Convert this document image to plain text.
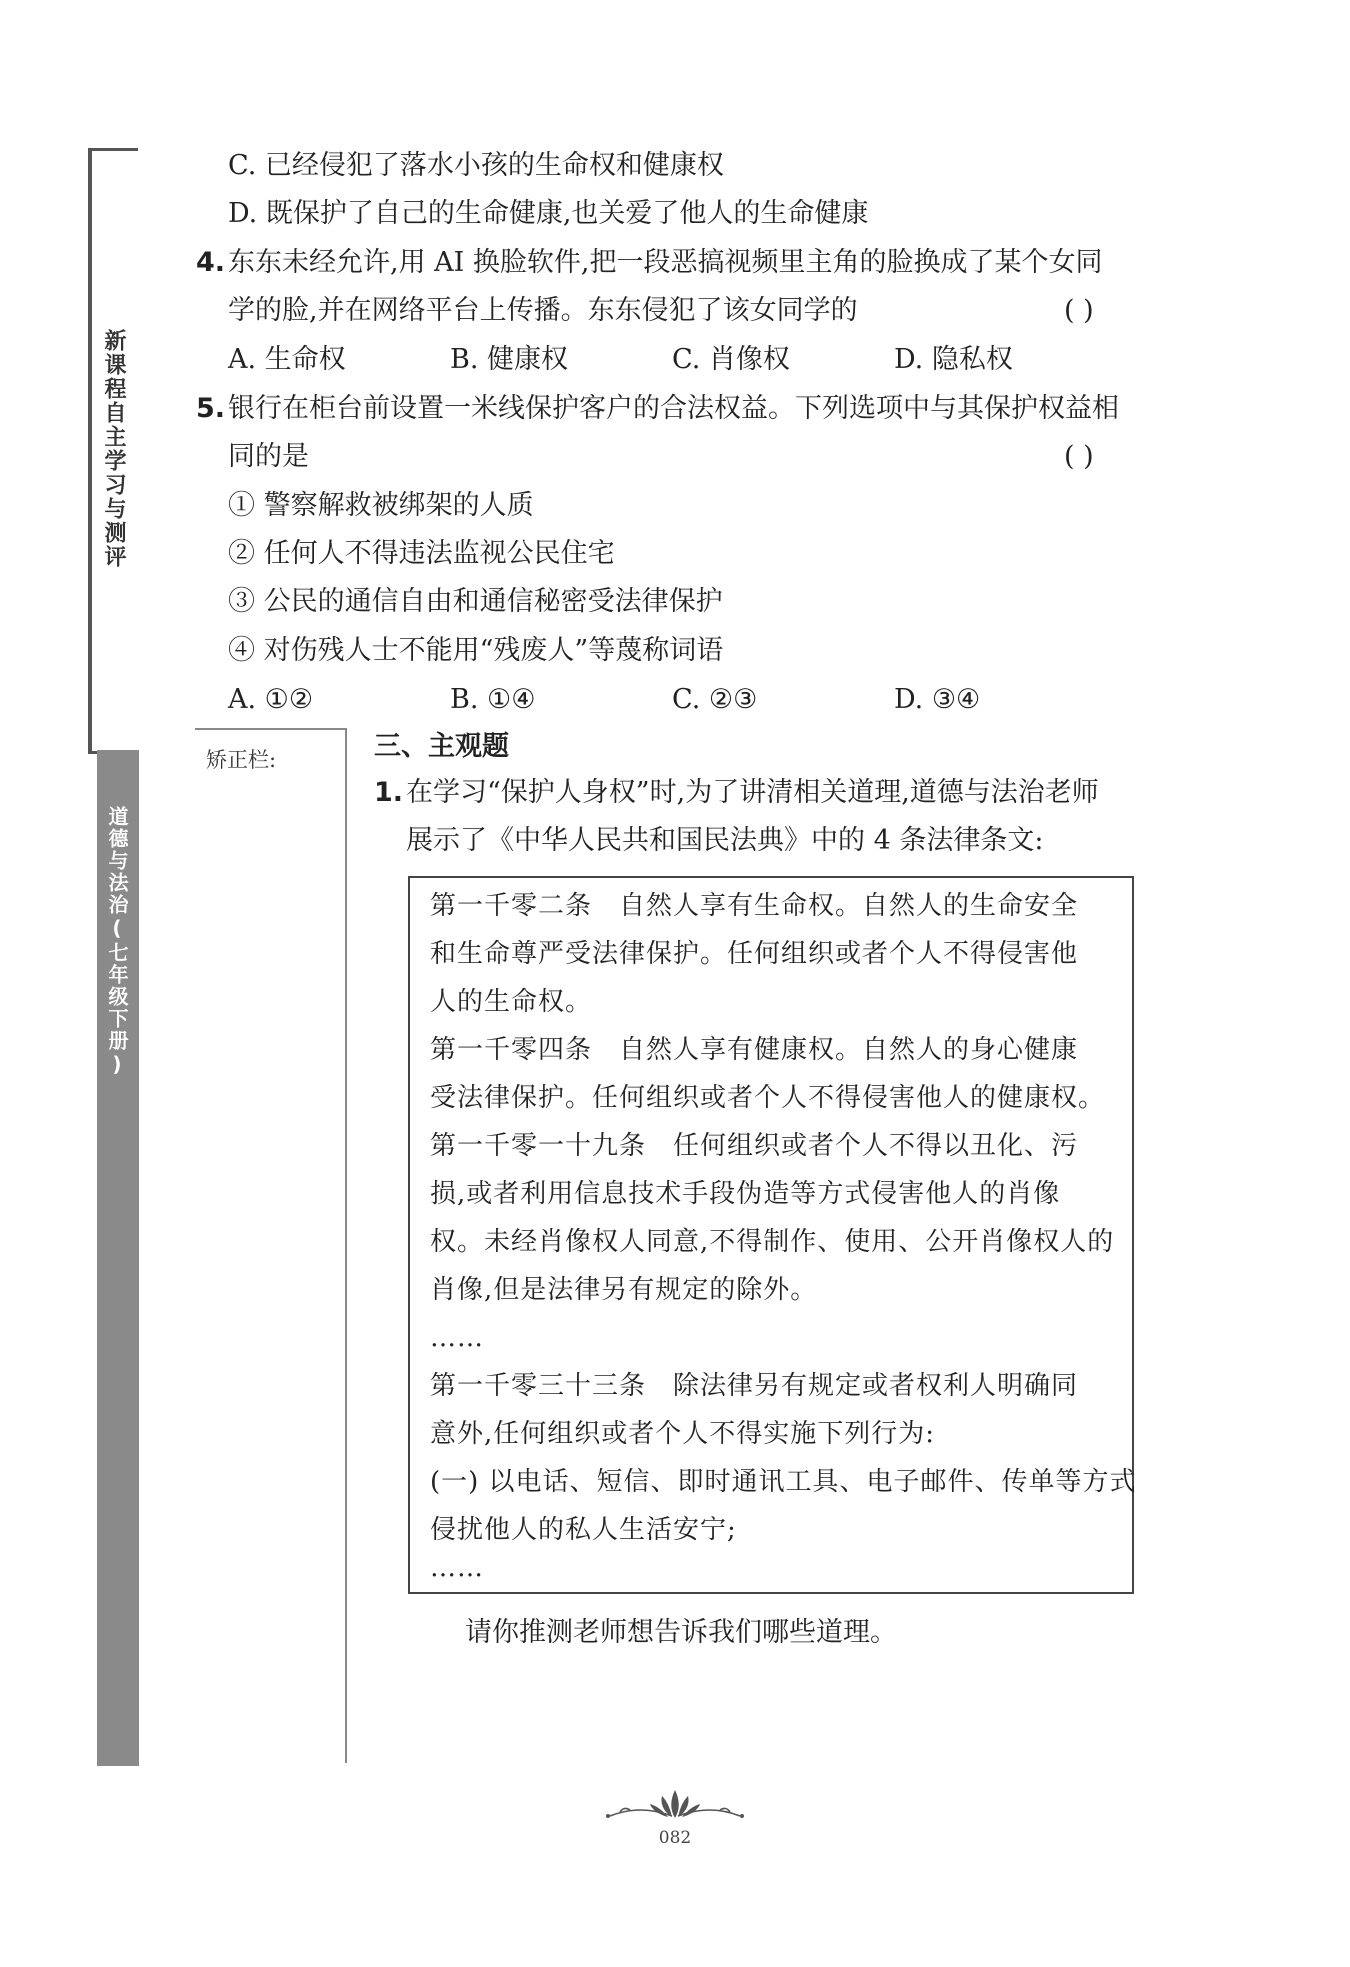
新课程自主学习与测评
道德与法治(七年级下册)
C. 已经侵犯了落水小孩的生命权和健康权
D. 既保护了自己的生命健康,也关爱了他人的生命健康
4. 东东未经允许,用 AI 换脸软件,把一段恶搞视频里主角的脸换成了某个女同
学的脸,并在网络平台上传播。东东侵犯了该女同学的	( )
A. 生命权	B. 健康权	C. 肖像权	D. 隐私权
5. 银行在柜台前设置一米线保护客户的合法权益。下列选项中与其保护权益相
同的是	( )
① 警察解救被绑架的人质
② 任何人不得违法监视公民住宅
③ 公民的通信自由和通信秘密受法律保护
④ 对伤残人士不能用“残废人”等蔑称词语
A. ①②	B. ①④	C. ②③	D. ③④
矫正栏:	三、主观题
1. 在学习“保护人身权”时,为了讲清相关道理,道德与法治老师
展示了《中华人民共和国民法典》中的 4 条法律条文:
第一千零二条　自然人享有生命权。自然人的生命安全
和生命尊严受法律保护。任何组织或者个人不得侵害他
人的生命权。
第一千零四条　自然人享有健康权。自然人的身心健康
受法律保护。任何组织或者个人不得侵害他人的健康权。
第一千零一十九条　任何组织或者个人不得以丑化、污
损,或者利用信息技术手段伪造等方式侵害他人的肖像
权。未经肖像权人同意,不得制作、使用、公开肖像权人的
肖像,但是法律另有规定的除外。
……
第一千零三十三条　除法律另有规定或者权利人明确同
意外,任何组织或者个人不得实施下列行为:
(一) 以电话、短信、即时通讯工具、电子邮件、传单等方式
侵扰他人的私人生活安宁;
……
请你推测老师想告诉我们哪些道理。
082
